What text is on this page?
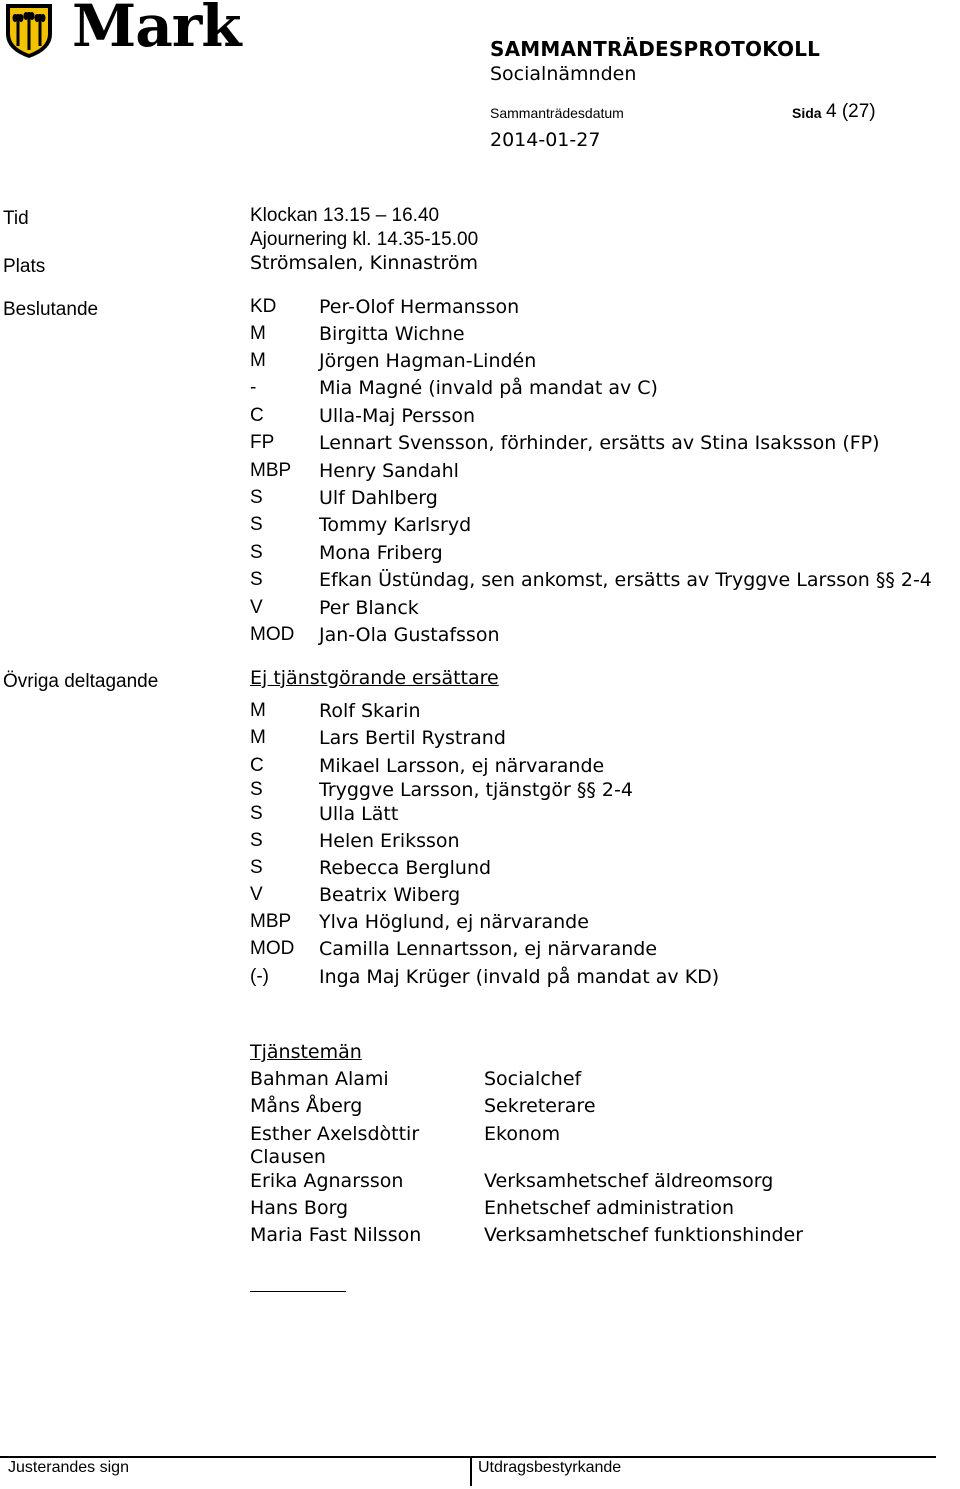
Mark	SAMMANTRÄDESPROTOKOLL
Socialnämnden
Sammanträdesdatum	Sida 4 (27)
2014-01-27
Tid	Klockan 13.15 – 16.40
Ajournering kl. 14.35-15.00
Plats	Strömsalen, Kinnaström
Beslutande	KD Per-Olof Hermansson
M	Birgitta Wichne
M	Jörgen Hagman-Lindén
-	Mia Magné (invald på mandat av C)
C	Ulla-Maj Persson
FP Lennart Svensson, förhinder, ersätts av Stina Isaksson (FP)
MBP Henry Sandahl
S	Ulf Dahlberg
S	Tommy Karlsryd
S	Mona Friberg
S	Efkan Üstündag, sen ankomst, ersätts av Tryggve Larsson §§ 2-4
V	Per Blanck
MOD Jan-Ola Gustafsson
Övriga deltagande	Ej tjänstgörande ersättare
M	Rolf Skarin
M	Lars Bertil Rystrand
C	Mikael Larsson, ej närvarande
S	Tryggve Larsson, tjänstgör §§ 2-4
S	Ulla Lätt
S	Helen Eriksson
S	Rebecca Berglund
V	Beatrix Wiberg
MBP Ylva Höglund, ej närvarande
MOD Camilla Lennartsson, ej närvarande
(-)	Inga Maj Krüger (invald på mandat av KD)
Tjänstemän
Bahman Alami	Socialchef
Måns Åberg	Sekreterare
Esther Axelsdòttir	Ekonom
Clausen
Erika Agnarsson	Verksamhetschef äldreomsorg
Hans Borg	Enhetschef administration
Maria Fast Nilsson	Verksamhetschef funktionshinder
Justerandes sign	Utdragsbestyrkande
